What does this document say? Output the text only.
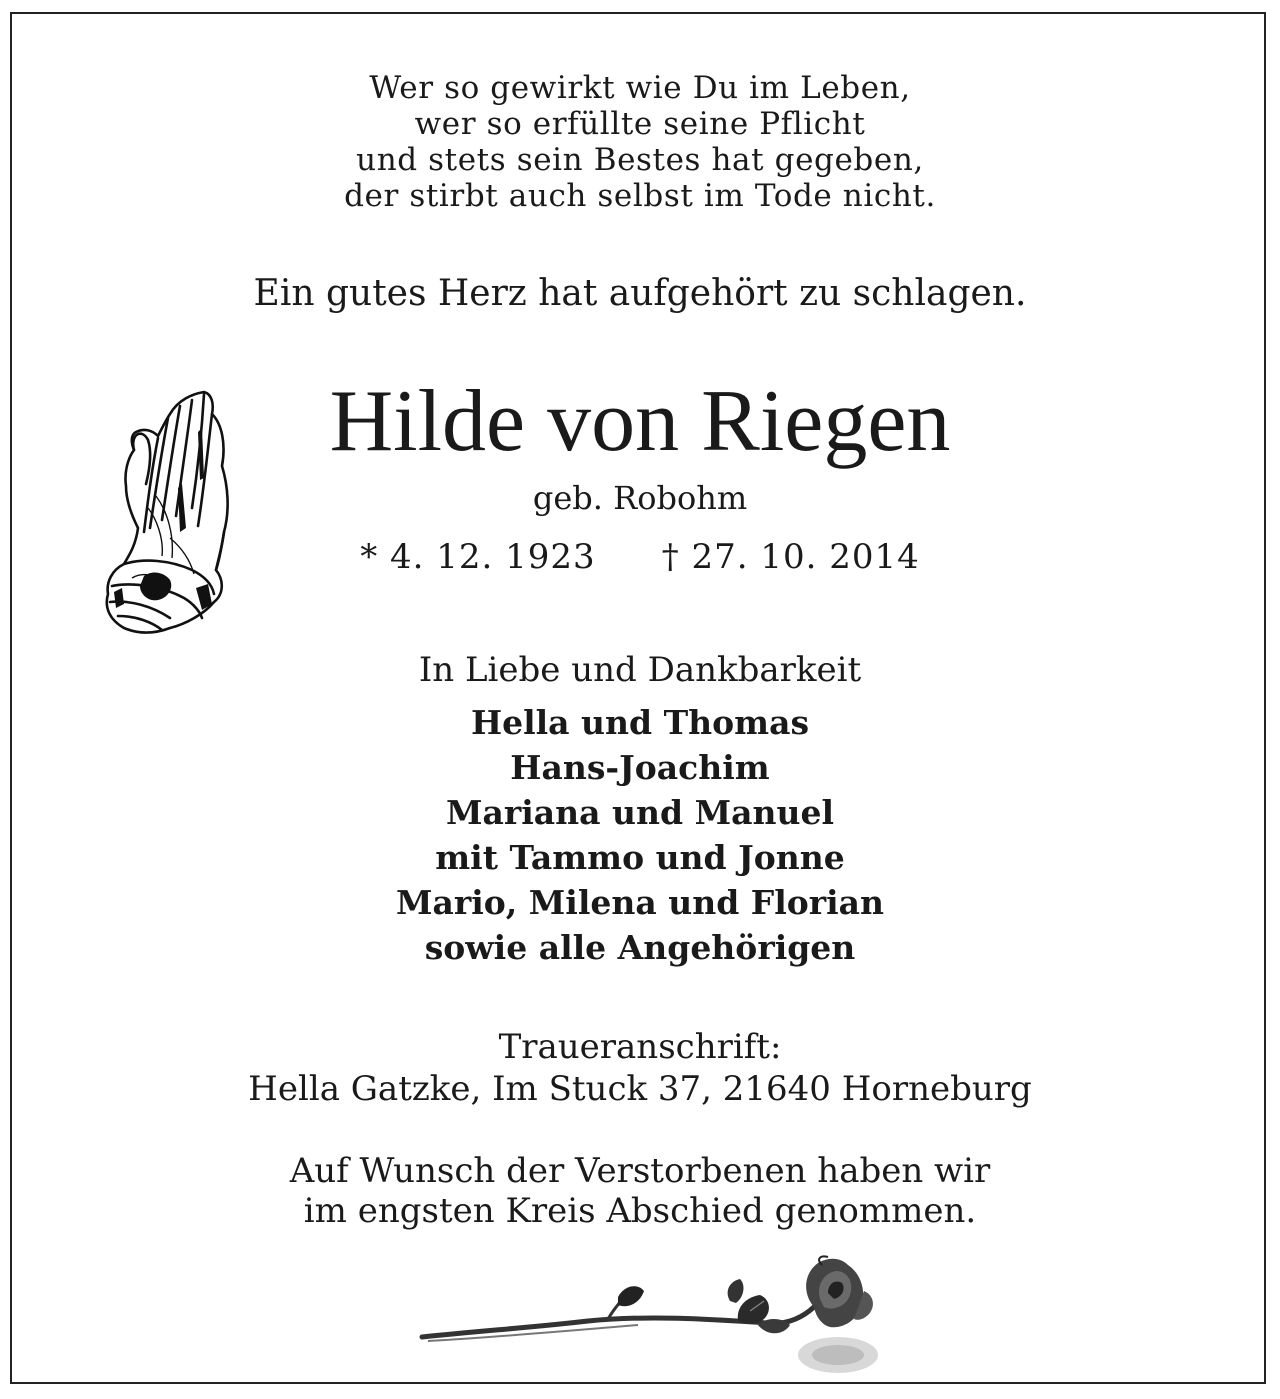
Wer so gewirkt wie Du im Leben,
wer so erfüllte seine Pflicht
und stets sein Bestes hat gegeben,
der stirbt auch selbst im Tode nicht.
Ein gutes Herz hat aufgehört zu schlagen.
Hilde von Riegen
geb. Robohm
* 4. 12. 1923 † 27. 10. 2014
In Liebe und Dankbarkeit
Hella und Thomas
Hans-Joachim
Mariana und Manuel
mit Tammo und Jonne
Mario, Milena und Florian
sowie alle Angehörigen
Traueranschrift:
Hella Gatzke, Im Stuck 37, 21640 Horneburg
Auf Wunsch der Verstorbenen haben wir
im engsten Kreis Abschied genommen.
